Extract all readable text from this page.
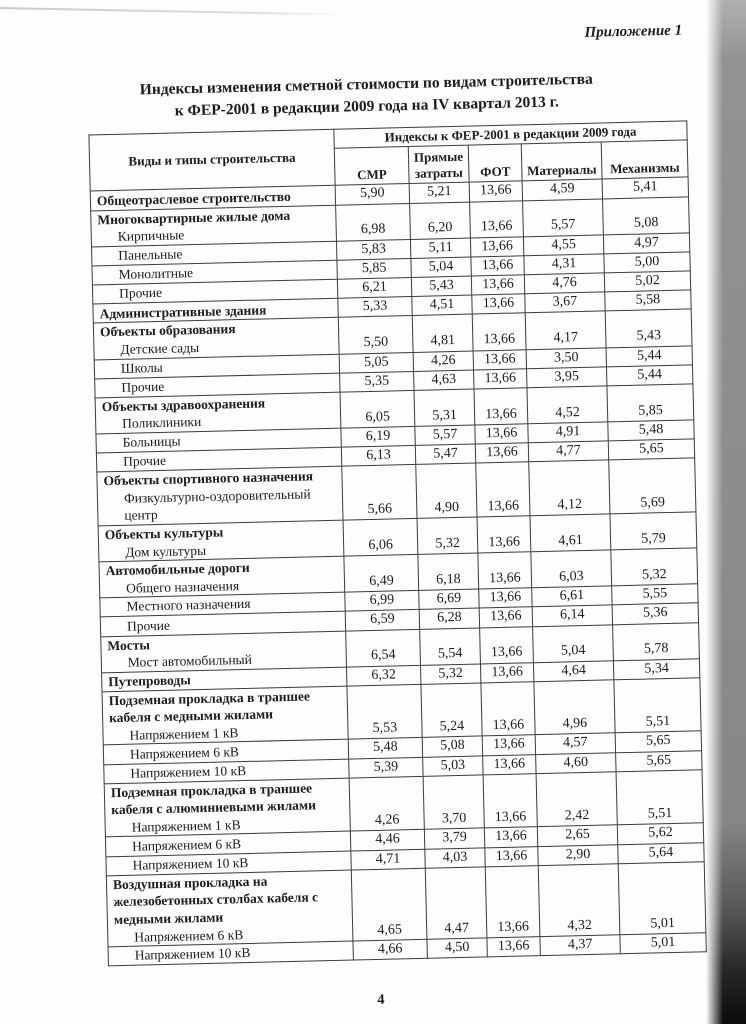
Приложение 1
Индексы изменения сметной стоимости по видам строительства
к ФЕР-2001 в редакции 2009 года на IV квартал 2013 г.
Виды и типы строительства	Индексы к ФЕР-2001 в редакции 2009 года				
	СМР	Прямые затраты	ФОТ	Материалы	Механизмы

Общеотраслевое строительство	5,90	5,21	13,66	4,59	5,41

Многоквартирные жилые дома
Кирпичные	6,98	6,20	13,66	5,57	5,08

Панельные	5,83	5,11	13,66	4,55	4,97

Монолитные	5,85	5,04	13,66	4,31	5,00

Прочие	6,21	5,43	13,66	4,76	5,02

Административные здания	5,33	4,51	13,66	3,67	5,58

Объекты образования
Детские сады	5,50	4,81	13,66	4,17	5,43

Школы	5,05	4,26	13,66	3,50	5,44

Прочие	5,35	4,63	13,66	3,95	5,44

Объекты здравоохранения
Поликлиники	6,05	5,31	13,66	4,52	5,85

Больницы	6,19	5,57	13,66	4,91	5,48

Прочие	6,13	5,47	13,66	4,77	5,65

Объекты спортивного назначения
Физкультурно-оздоровительный центр	5,66	4,90	13,66	4,12	5,69

Объекты культуры
Дом культуры	6,06	5,32	13,66	4,61	5,79

Автомобильные дороги
Общего назначения	6,49	6,18	13,66	6,03	5,32

Местного назначения	6,99	6,69	13,66	6,61	5,55

Прочие	6,59	6,28	13,66	6,14	5,36

Мосты
Мост автомобильный	6,54	5,54	13,66	5,04	5,78

Путепроводы	6,32	5,32	13,66	4,64	5,34

Подземная прокладка в траншее кабеля с медными жилами
Напряжением 1 кВ	5,53	5,24	13,66	4,96	5,51

Напряжением 6 кВ	5,48	5,08	13,66	4,57	5,65

Напряжением 10 кВ	5,39	5,03	13,66	4,60	5,65

Подземная прокладка в траншее кабеля с алюминиевыми жилами
Напряжением 1 кВ	4,26	3,70	13,66	2,42	5,51

Напряжением 6 кВ	4,46	3,79	13,66	2,65	5,62

Напряжением 10 кВ	4,71	4,03	13,66	2,90	5,64

Воздушная прокладка на железобетонных столбах кабеля с медными жилами
Напряжением 6 кВ	4,65	4,47	13,66	4,32	5,01

Напряжением 10 кВ	4,66	4,50	13,66	4,37	5,01
4
